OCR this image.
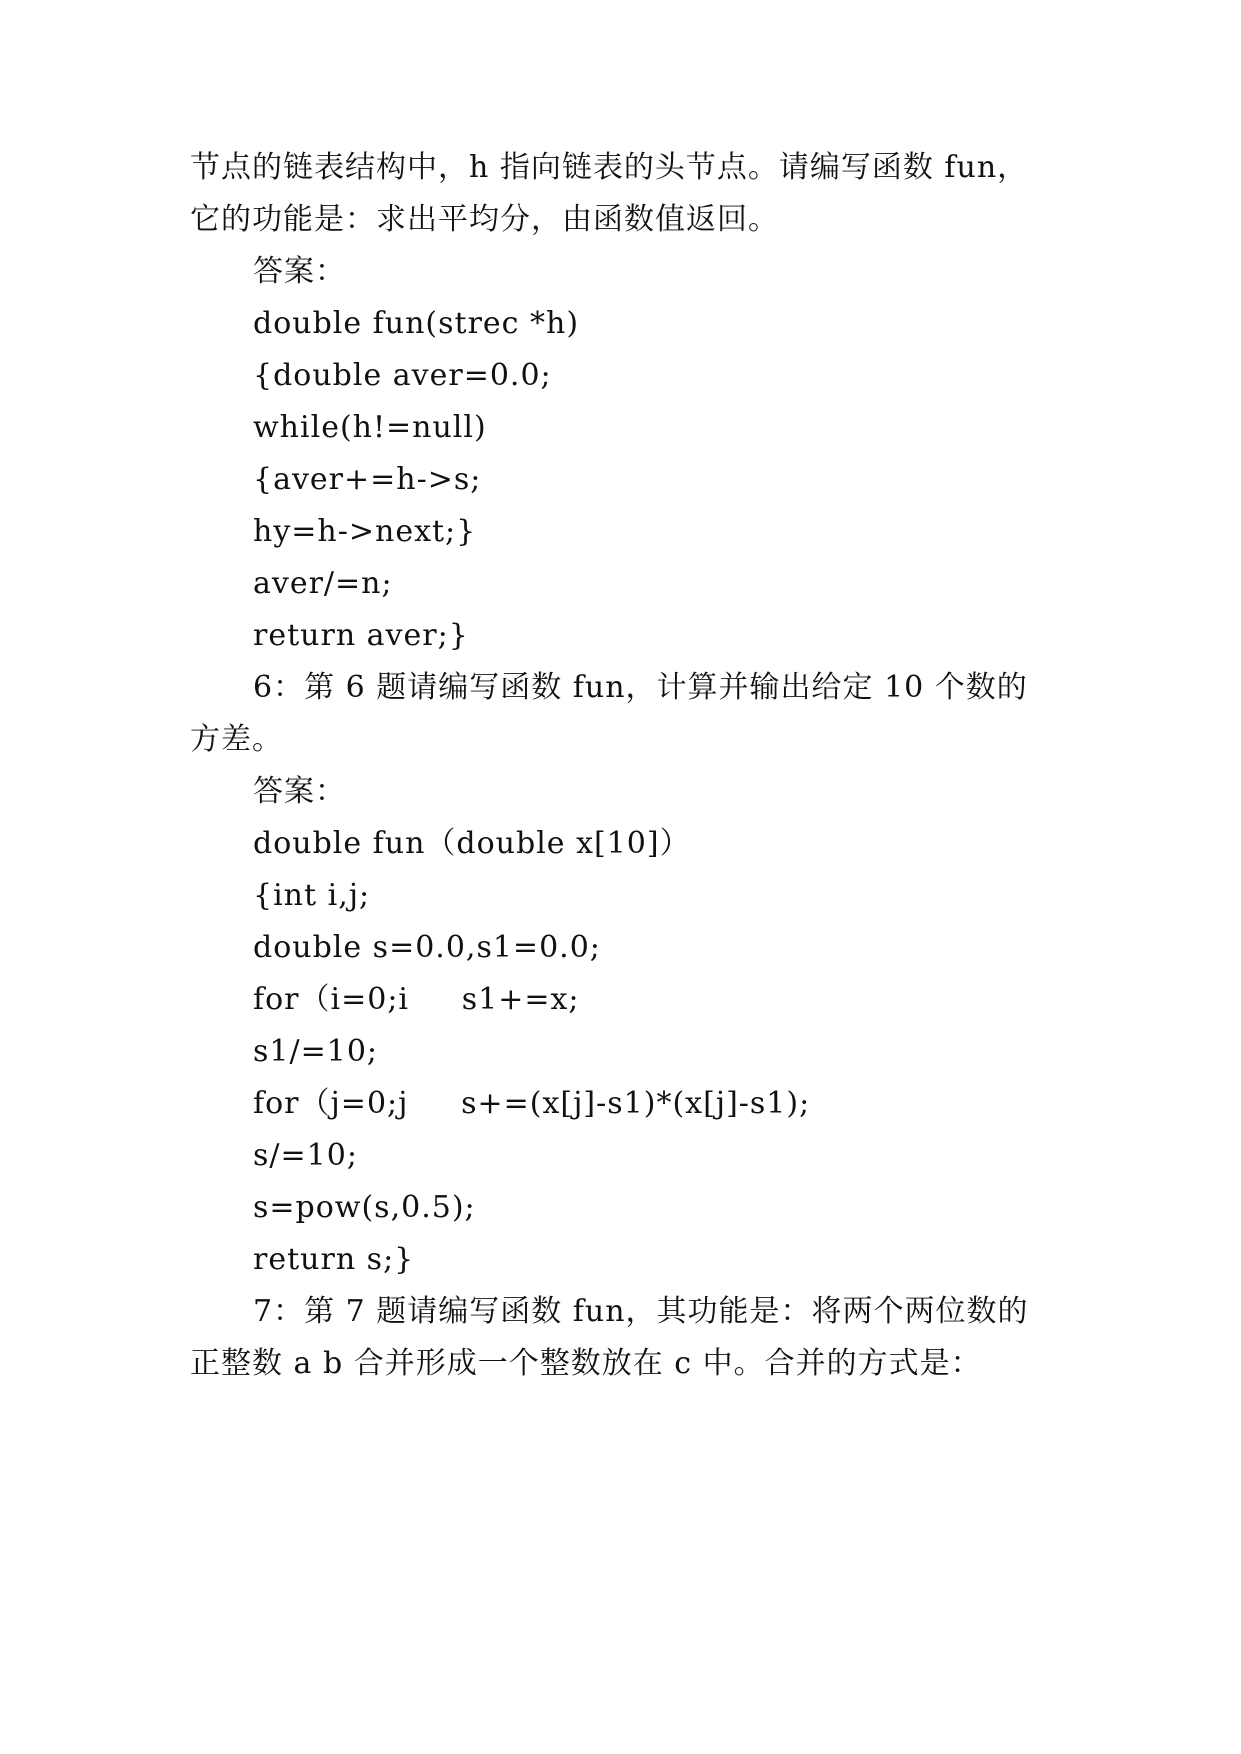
节点的链表结构中，h 指向链表的头节点。请编写函数 fun，
它的功能是：求出平均分，由函数值返回。
答案：
double fun(strec *h)
{double aver=0.0;
while(h!=null)
{aver+=h->s;
hy=h->next;}
aver/=n;
return aver;}
6：第 6 题请编写函数 fun，计算并输出给定 10 个数的
方差。
答案：
double fun（double x[10]）
{int i,j;
double s=0.0,s1=0.0;
for（i=0;i     s1+=x;
s1/=10;
for（j=0;j     s+=(x[j]-s1)*(x[j]-s1);
s/=10;
s=pow(s,0.5);
return s;}
7：第 7 题请编写函数 fun，其功能是：将两个两位数的
正整数 a b 合并形成一个整数放在 c 中。合并的方式是：
